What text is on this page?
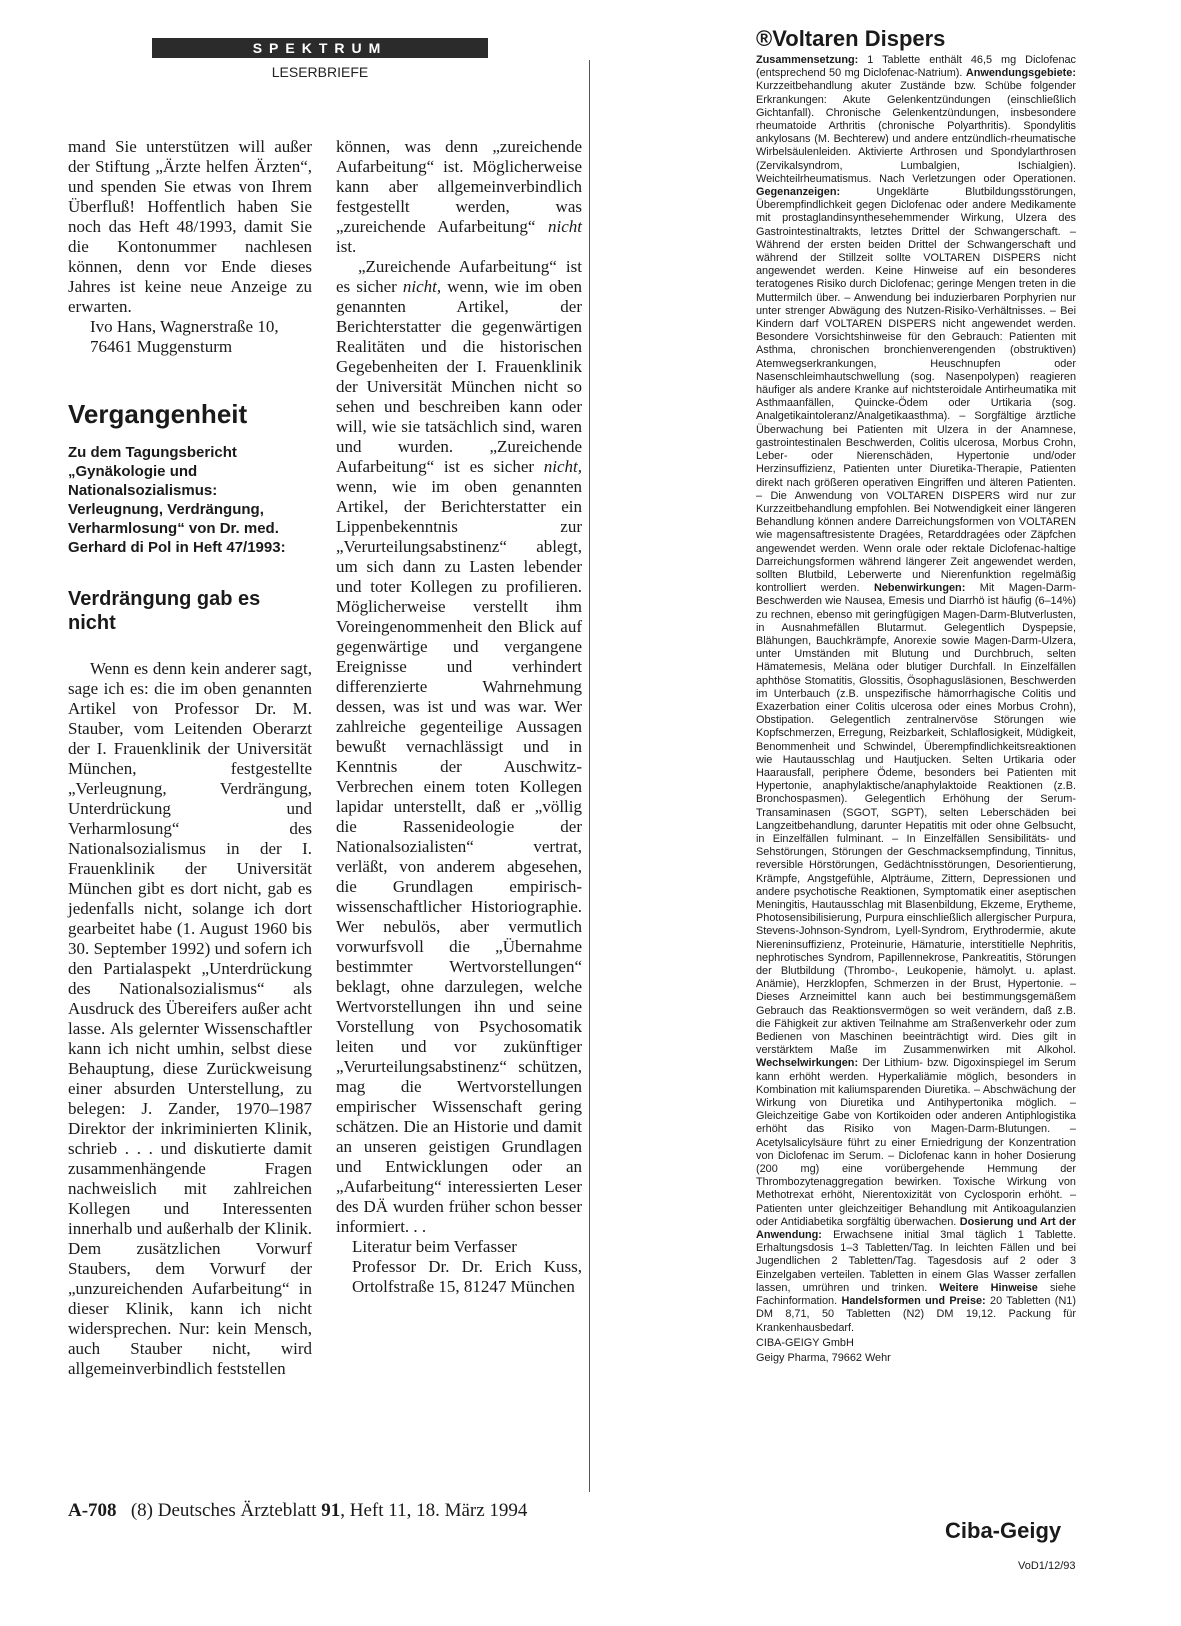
SPEKTRUM
LESERBRIEFE

mand Sie unterstützen will außer der Stiftung „Ärzte helfen Ärzten“, und spenden Sie etwas von Ihrem Überfluß! Hoffentlich haben Sie noch das Heft 48/1993, damit Sie die Kontonummer nachlesen können, denn vor Ende dieses Jahres ist keine neue Anzeige zu erwarten.

Ivo Hans, Wagnerstraße 10,

76461 Muggensturm

Vergangenheit
Zu dem Tagungsbericht „Gynäkologie und Nationalsozialismus: Verleugnung, Verdrängung, Verharmlosung“ von Dr. med. Gerhard di Pol in Heft 47/1993:
Verdrängung gab es nicht

Wenn es denn kein anderer sagt, sage ich es: die im oben genannten Artikel von Professor Dr. M. Stauber, vom Leitenden Oberarzt der I. Frauenklinik der Universität München, festgestellte „Verleugnung, Verdrängung, Unterdrückung und Verharmlosung“ des Nationalsozialismus in der I. Frauenklinik der Universität München gibt es dort nicht, gab es jedenfalls nicht, solange ich dort gearbeitet habe (1. August 1960 bis 30. September 1992) und sofern ich den Partialaspekt „Unterdrückung des Nationalsozialismus“ als Ausdruck des Übereifers außer acht lasse. Als gelernter Wissenschaftler kann ich nicht umhin, selbst diese Behauptung, diese Zurückweisung einer absurden Unterstellung, zu belegen: J. Zander, 1970–1987 Direktor der inkriminierten Klinik, schrieb . . . und diskutierte damit zusammenhängende Fragen nachweislich mit zahlreichen Kollegen und Interessenten innerhalb und außerhalb der Klinik. Dem zusätzlichen Vorwurf Staubers, dem Vorwurf der „unzureichenden Aufarbeitung“ in dieser Klinik, kann ich nicht widersprechen. Nur: kein Mensch, auch Stauber nicht, wird allgemeinverbindlich feststellen

können, was denn „zureichende Aufarbeitung“ ist. Möglicherweise kann aber allgemeinverbindlich festgestellt werden, was „zureichende Aufarbeitung“ nicht ist.

„Zureichende Aufarbeitung“ ist es sicher nicht, wenn, wie im oben genannten Artikel, der Berichterstatter die gegenwärtigen Realitäten und die historischen Gegebenheiten der I. Frauenklinik der Universität München nicht so sehen und beschreiben kann oder will, wie sie tatsächlich sind, waren und wurden. „Zureichende Aufarbeitung“ ist es sicher nicht, wenn, wie im oben genannten Artikel, der Berichterstatter ein Lippenbekenntnis zur „Verurteilungsabstinenz“ ablegt, um sich dann zu Lasten lebender und toter Kollegen zu profilieren. Möglicherweise verstellt ihm Voreingenommenheit den Blick auf gegenwärtige und vergangene Ereignisse und verhindert differenzierte Wahrnehmung dessen, was ist und was war. Wer zahlreiche gegenteilige Aussagen bewußt vernachlässigt und in Kenntnis der Auschwitz-Verbrechen einem toten Kollegen lapidar unterstellt, daß er „völlig die Rassenideologie der Nationalsozialisten“ vertrat, verläßt, von anderem abgesehen, die Grundlagen empirisch-wissenschaftlicher Historiographie. Wer nebulös, aber vermutlich vorwurfsvoll die „Übernahme bestimmter Wertvorstellungen“ beklagt, ohne darzulegen, welche Wertvorstellungen ihn und seine Vorstellung von Psychosomatik leiten und vor zukünftiger „Verurteilungsabstinenz“ schützen, mag die Wertvorstellungen empirischer Wissenschaft gering schätzen. Die an Historie und damit an unseren geistigen Grundlagen und Entwicklungen oder an „Aufarbeitung“ interessierten Leser des DÄ wurden früher schon besser informiert. . .

Literatur beim Verfasser

Professor Dr. Dr. Erich Kuss, Ortolfstraße 15, 81247 München

A-708 (8) Deutsches Ärzteblatt 91, Heft 11, 18. März 1994
®Voltaren Dispers

Zusammensetzung: 1 Tablette enthält 46,5 mg Diclofenac (entsprechend 50 mg Diclofenac-Natrium). Anwendungsgebiete: Kurzzeitbehandlung akuter Zustände bzw. Schübe folgender Erkrankungen: Akute Gelenkentzündungen (einschließlich Gichtanfall). Chronische Gelenkentzündungen, insbesondere rheumatoide Arthritis (chronische Polyarthritis). Spondylitis ankylosans (M. Bechterew) und andere entzündlich-rheumatische Wirbelsäulenleiden. Aktivierte Arthrosen und Spondylarthrosen (Zervikalsyndrom, Lumbalgien, Ischialgien). Weichteilrheumatismus. Nach Verletzungen oder Operationen. Gegenanzeigen: Ungeklärte Blutbildungsstörungen, Überempfindlichkeit gegen Diclofenac oder andere Medikamente mit prostaglandinsynthesehemmender Wirkung, Ulzera des Gastrointestinaltrakts, letztes Drittel der Schwangerschaft. – Während der ersten beiden Drittel der Schwangerschaft und während der Stillzeit sollte VOLTAREN DISPERS nicht angewendet werden. Keine Hinweise auf ein besonderes teratogenes Risiko durch Diclofenac; geringe Mengen treten in die Muttermilch über. – Anwendung bei induzierbaren Porphyrien nur unter strenger Abwägung des Nutzen-Risiko-Verhältnisses. – Bei Kindern darf VOLTAREN DISPERS nicht angewendet werden. Besondere Vorsichtshinweise für den Gebrauch: Patienten mit Asthma, chronischen bronchienverengenden (obstruktiven) Atemwegserkrankungen, Heuschnupfen oder Nasenschleimhautschwellung (sog. Nasenpolypen) reagieren häufiger als andere Kranke auf nichtsteroidale Antirheumatika mit Asthmaanfällen, Quincke-Ödem oder Urtikaria (sog. Analgetikaintoleranz/Analgetikaasthma). – Sorgfältige ärztliche Überwachung bei Patienten mit Ulzera in der Anamnese, gastrointestinalen Beschwerden, Colitis ulcerosa, Morbus Crohn, Leber- oder Nierenschäden, Hypertonie und/oder Herzinsuffizienz, Patienten unter Diuretika-Therapie, Patienten direkt nach größeren operativen Eingriffen und älteren Patienten. – Die Anwendung von VOLTAREN DISPERS wird nur zur Kurzzeitbehandlung empfohlen. Bei Notwendigkeit einer längeren Behandlung können andere Darreichungsformen von VOLTAREN wie magensaftresistente Dragées, Retarddragées oder Zäpfchen angewendet werden. Wenn orale oder rektale Diclofenac-haltige Darreichungsformen während längerer Zeit angewendet werden, sollten Blutbild, Leberwerte und Nierenfunktion regelmäßig kontrolliert werden. Nebenwirkungen: Mit Magen-Darm-Beschwerden wie Nausea, Emesis und Diarrhö ist häufig (6–14%) zu rechnen, ebenso mit geringfügigen Magen-Darm-Blutverlusten, in Ausnahmefällen Blutarmut. Gelegentlich Dyspepsie, Blähungen, Bauchkrämpfe, Anorexie sowie Magen-Darm-Ulzera, unter Umständen mit Blutung und Durchbruch, selten Hämatemesis, Meläna oder blutiger Durchfall. In Einzelfällen aphthöse Stomatitis, Glossitis, Ösophagusläsionen, Beschwerden im Unterbauch (z.B. unspezifische hämorrhagische Colitis und Exazerbation einer Colitis ulcerosa oder eines Morbus Crohn), Obstipation. Gelegentlich zentralnervöse Störungen wie Kopfschmerzen, Erregung, Reizbarkeit, Schlaflosigkeit, Müdigkeit, Benommenheit und Schwindel, Überempfindlichkeitsreaktionen wie Hautausschlag und Hautjucken. Selten Urtikaria oder Haarausfall, periphere Ödeme, besonders bei Patienten mit Hypertonie, anaphylaktische/anaphylaktoide Reaktionen (z.B. Bronchospasmen). Gelegentlich Erhöhung der Serum-Transaminasen (SGOT, SGPT), selten Leberschäden bei Langzeitbehandlung, darunter Hepatitis mit oder ohne Gelbsucht, in Einzelfällen fulminant. – In Einzelfällen Sensibilitäts- und Sehstörungen, Störungen der Geschmacksempfindung, Tinnitus, reversible Hörstörungen, Gedächtnisstörungen, Desorientierung, Krämpfe, Angstgefühle, Alpträume, Zittern, Depressionen und andere psychotische Reaktionen, Symptomatik einer aseptischen Meningitis, Hautausschlag mit Blasenbildung, Ekzeme, Erytheme, Photosensibilisierung, Purpura einschließlich allergischer Purpura, Stevens-Johnson-Syndrom, Lyell-Syndrom, Erythrodermie, akute Niereninsuffizienz, Proteinurie, Hämaturie, interstitielle Nephritis, nephrotisches Syndrom, Papillennekrose, Pankreatitis, Störungen der Blutbildung (Thrombo-, Leukopenie, hämolyt. u. aplast. Anämie), Herzklopfen, Schmerzen in der Brust, Hypertonie. – Dieses Arzneimittel kann auch bei bestimmungsgemäßem Gebrauch das Reaktionsvermögen so weit verändern, daß z.B. die Fähigkeit zur aktiven Teilnahme am Straßenverkehr oder zum Bedienen von Maschinen beeinträchtigt wird. Dies gilt in verstärktem Maße im Zusammenwirken mit Alkohol. Wechselwirkungen: Der Lithium- bzw. Digoxinspiegel im Serum kann erhöht werden. Hyperkaliämie möglich, besonders in Kombination mit kaliumsparenden Diuretika. – Abschwächung der Wirkung von Diuretika und Antihypertonika möglich. – Gleichzeitige Gabe von Kortikoiden oder anderen Antiphlogistika erhöht das Risiko von Magen-Darm-Blutungen. – Acetylsalicylsäure führt zu einer Erniedrigung der Konzentration von Diclofenac im Serum. – Diclofenac kann in hoher Dosierung (200 mg) eine vorübergehende Hemmung der Thrombozytenaggregation bewirken. Toxische Wirkung von Methotrexat erhöht, Nierentoxizität von Cyclosporin erhöht. – Patienten unter gleichzeitiger Behandlung mit Antikoagulanzien oder Antidiabetika sorgfältig überwachen. Dosierung und Art der Anwendung: Erwachsene initial 3mal täglich 1 Tablette. Erhaltungsdosis 1–3 Tabletten/Tag. In leichten Fällen und bei Jugendlichen 2 Tabletten/Tag. Tagesdosis auf 2 oder 3 Einzelgaben verteilen. Tabletten in einem Glas Wasser zerfallen lassen, umrühren und trinken. Weitere Hinweise siehe Fachinformation. Handelsformen und Preise: 20 Tabletten (N1) DM 8,71, 50 Tabletten (N2) DM 19,12. Packung für Krankenhausbedarf.

CIBA-GEIGY GmbH
Geigy Pharma, 79662 Wehr
Ciba-Geigy
VoD1/12/93
